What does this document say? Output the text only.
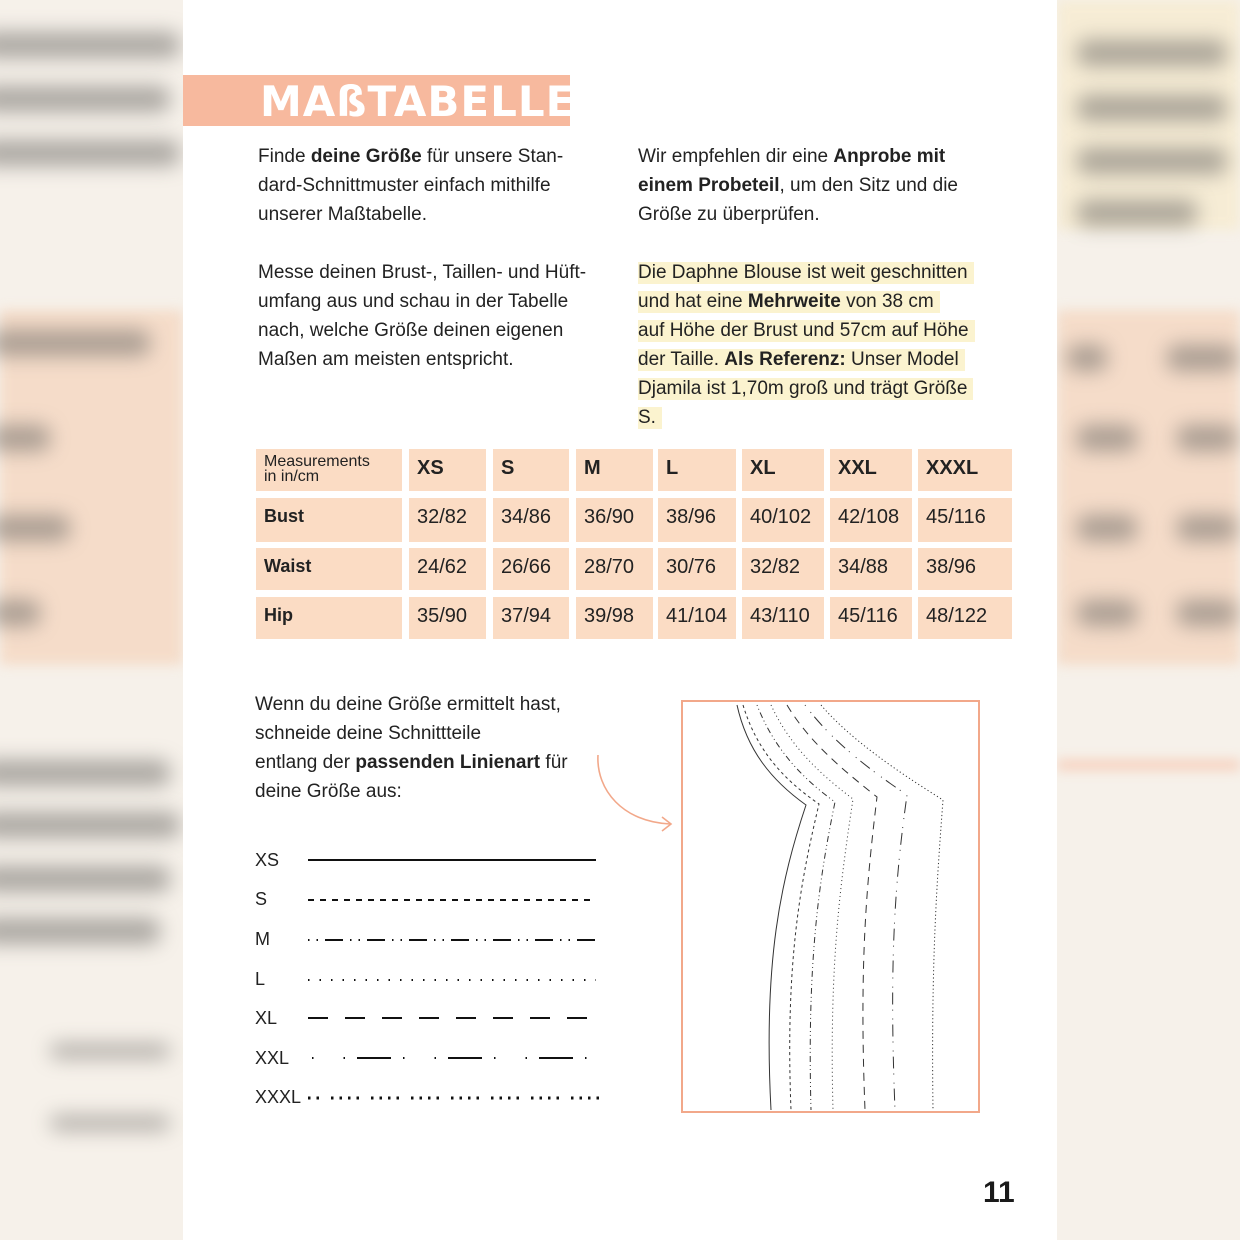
MAßTABELLE

Finde deine Größe für unsere Stan-
dard-Schnittmuster einfach mithilfe
unserer Maßtabelle.

Messe deinen Brust-, Taillen- und Hüft-
umfang aus und schau in der Tabelle
nach, welche Größe deinen eigenen
Maßen am meisten entspricht.

Wir empfehlen dir eine Anprobe mit
einem Probeteil, um den Sitz und die
Größe zu überprüfen.

Die Daphne Blouse ist weit geschnitten
und hat eine Mehrweite von 38 cm
auf Höhe der Brust und 57cm auf Höhe
der Taille. Als Referenz: Unser Model
Djamila ist 1,70m groß und trägt Größe
S.

Measurements
in in/cm	XS	S	M	L	XL	XXL	XXXL
Bust	32/82	34/86	36/90	38/96	40/102	42/108	45/116
Waist	24/62	26/66	28/70	30/76	32/82	34/88	38/96
Hip	35/90	37/94	39/98	41/104	43/110	45/116	48/122

Wenn du deine Größe ermittelt hast,
schneide deine Schnittteile
entlang der passenden Linienart für
deine Größe aus:

XS
S
M
L
XL
XXL
XXXL

11
